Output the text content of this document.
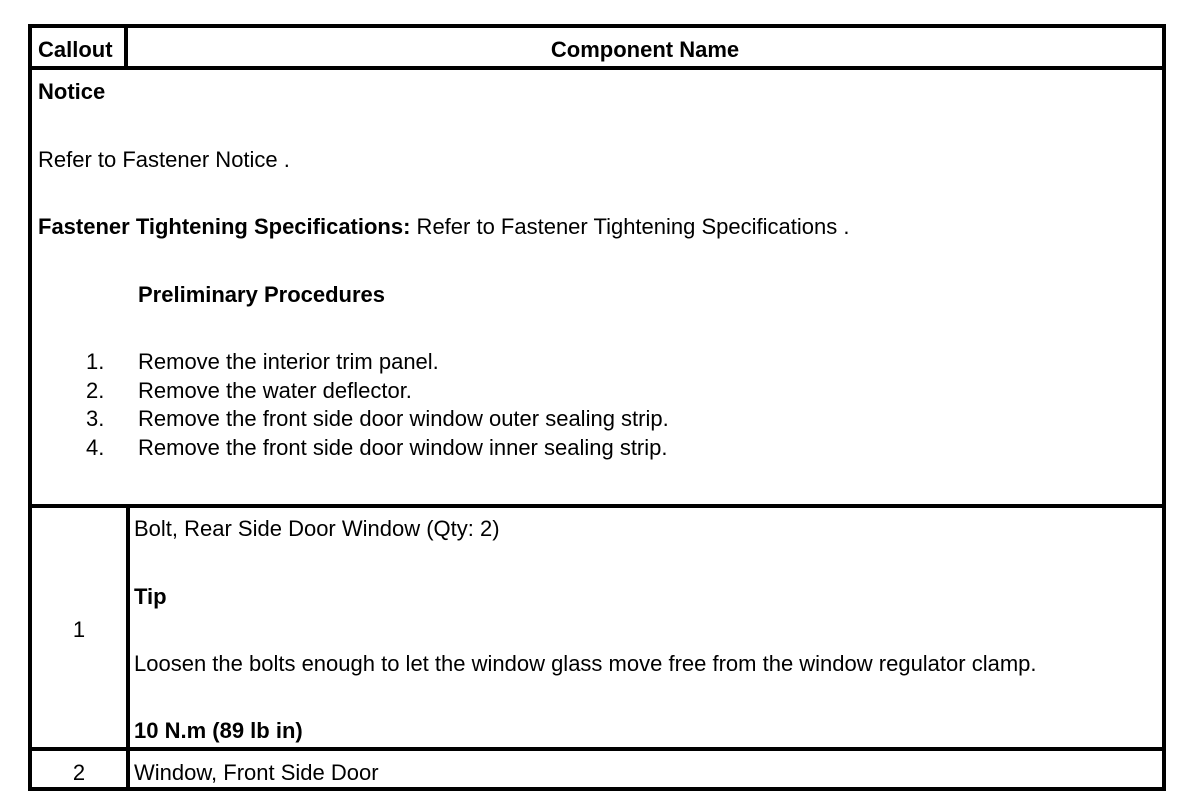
Callout	Component Name
Notice
Refer to Fastener Notice .
Fastener Tightening Specifications: Refer to Fastener Tightening Specifications .
Preliminary Procedures
1. Remove the interior trim panel.
2. Remove the water deflector.
3. Remove the front side door window outer sealing strip.
4. Remove the front side door window inner sealing strip.
1
Bolt, Rear Side Door Window (Qty: 2)
Tip
Loosen the bolts enough to let the window glass move free from the window regulator clamp.
10 N.m (89 lb in)
2	Window, Front Side Door
